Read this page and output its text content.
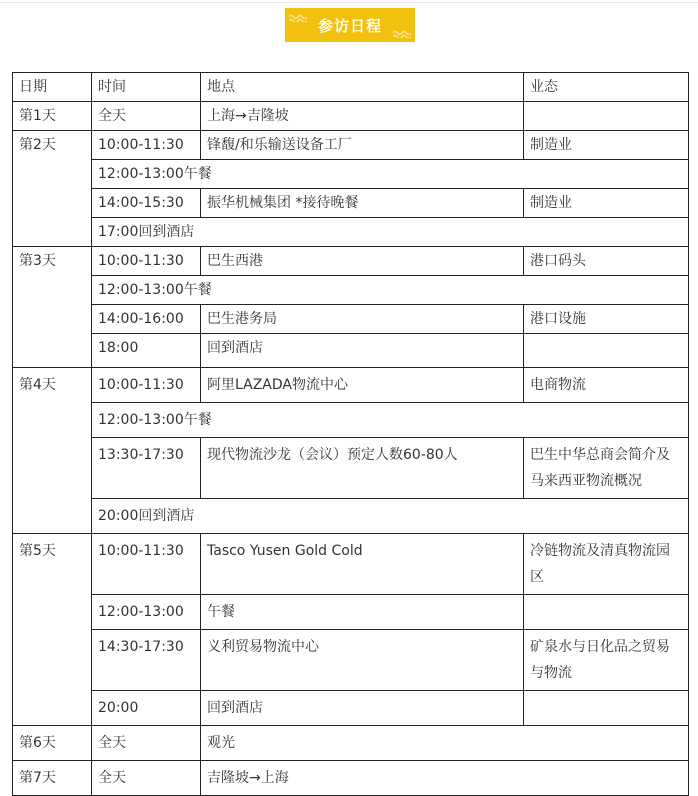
参访日程
日期	时间	地点	业态
第1天	全天	上海→吉隆坡	
第2天	10:00-11:30	锋馥/和乐输送设备工厂	制造业
	12:00-13:00午餐		
	14:00-15:30	振华机械集团 *接待晚餐	制造业
	17:00回到酒店		
第3天	10:00-11:30	巴生西港	港口码头
	12:00-13:00午餐		
	14:00-16:00	巴生港务局	港口设施
	18:00	回到酒店	
第4天	10:00-11:30	阿里LAZADA物流中心	电商物流
	12:00-13:00午餐		
	13:30-17:30	现代物流沙龙（会议）预定人数60-80人	巴生中华总商会简介及马来西亚物流概况
	20:00回到酒店		
第5天	10:00-11:30	Tasco Yusen Gold Cold	冷链物流及清真物流园区
	12:00-13:00	午餐	
	14:30-17:30	义利贸易物流中心	矿泉水与日化品之贸易与物流
	20:00	回到酒店	
第6天	全天	观光	
第7天	全天	吉隆坡→上海	
